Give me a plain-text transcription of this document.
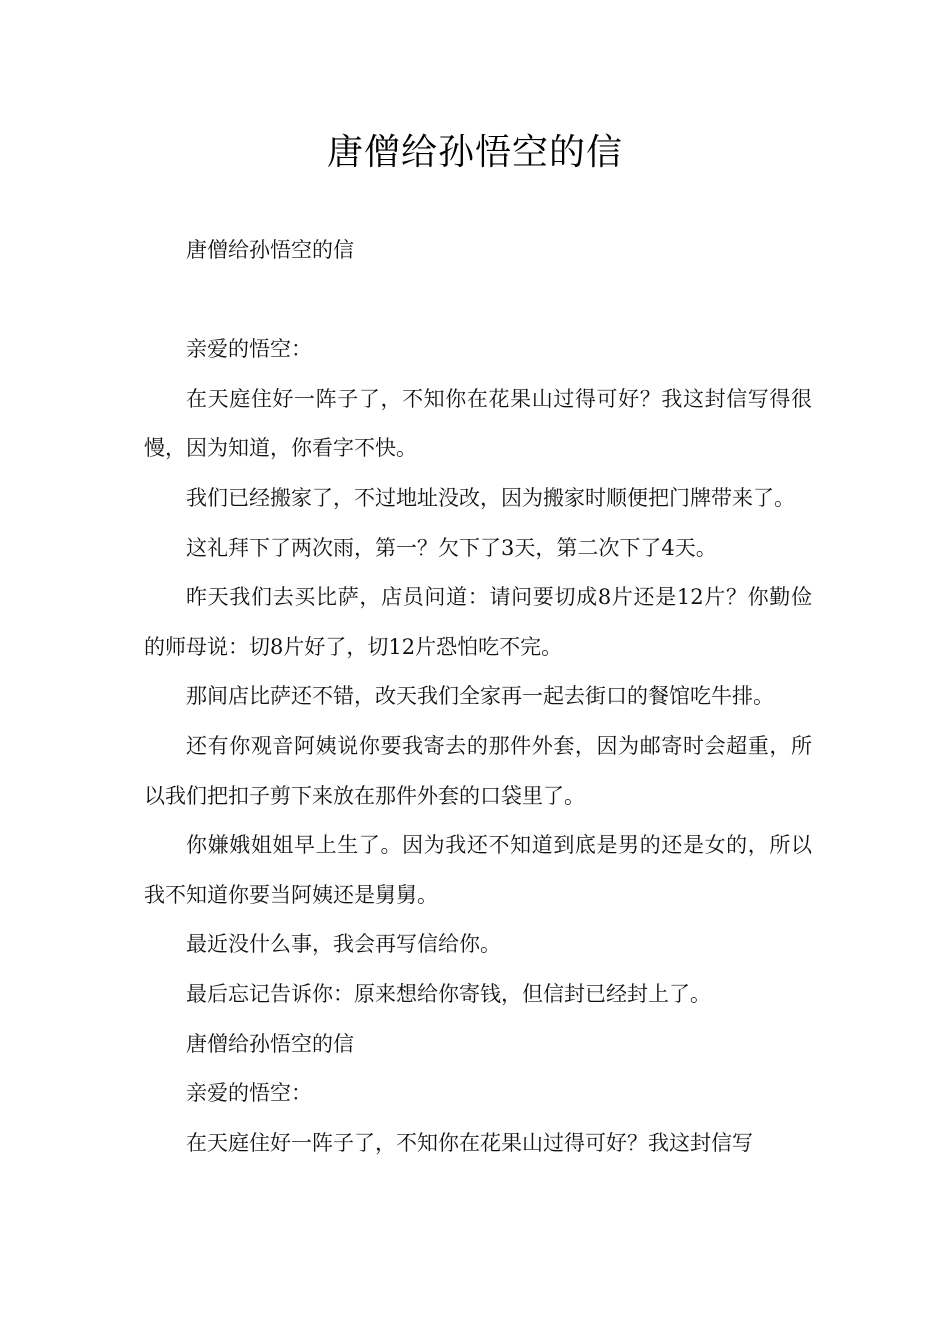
唐僧给孙悟空的信

唐僧给孙悟空的信

亲爱的悟空：

在天庭住好一阵子了，不知你在花果山过得可好？我这封信写得很慢，因为知道，你看字不快。

我们已经搬家了，不过地址没改，因为搬家时顺便把门牌带来了。

这礼拜下了两次雨，第一？欠下了3天，第二次下了4天。

昨天我们去买比萨，店员问道：请问要切成8片还是12片？你勤俭的师母说：切8片好了，切12片恐怕吃不完。

那间店比萨还不错，改天我们全家再一起去街口的餐馆吃牛排。

还有你观音阿姨说你要我寄去的那件外套，因为邮寄时会超重，所以我们把扣子剪下来放在那件外套的口袋里了。

你嫌娥姐姐早上生了。因为我还不知道到底是男的还是女的，所以我不知道你要当阿姨还是舅舅。

最近没什么事，我会再写信给你。

最后忘记告诉你：原来想给你寄钱，但信封已经封上了。

唐僧给孙悟空的信

亲爱的悟空：

在天庭住好一阵子了，不知你在花果山过得可好？我这封信写
